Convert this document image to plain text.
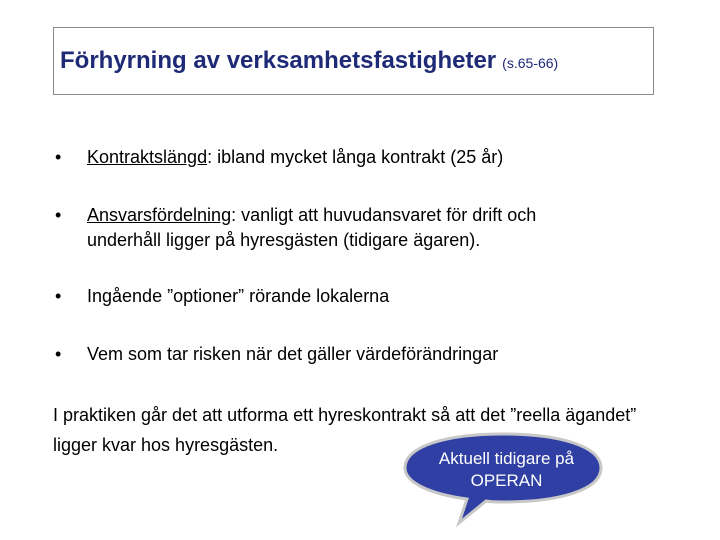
Förhyrning av verksamhetsfastigheter (s.65-66)
• Kontraktslängd: ibland mycket långa kontrakt (25 år)
• Ansvarsfördelning: vanligt att huvudansvaret för drift och underhåll ligger på hyresgästen (tidigare ägaren).
• Ingående ”optioner” rörande lokalerna
• Vem som tar risken när det gäller värdeförändringar
I praktiken går det att utforma ett hyreskontrakt så att det ”reella ägandet” ligger kvar hos hyresgästen.
Aktuell tidigare på OPERAN
